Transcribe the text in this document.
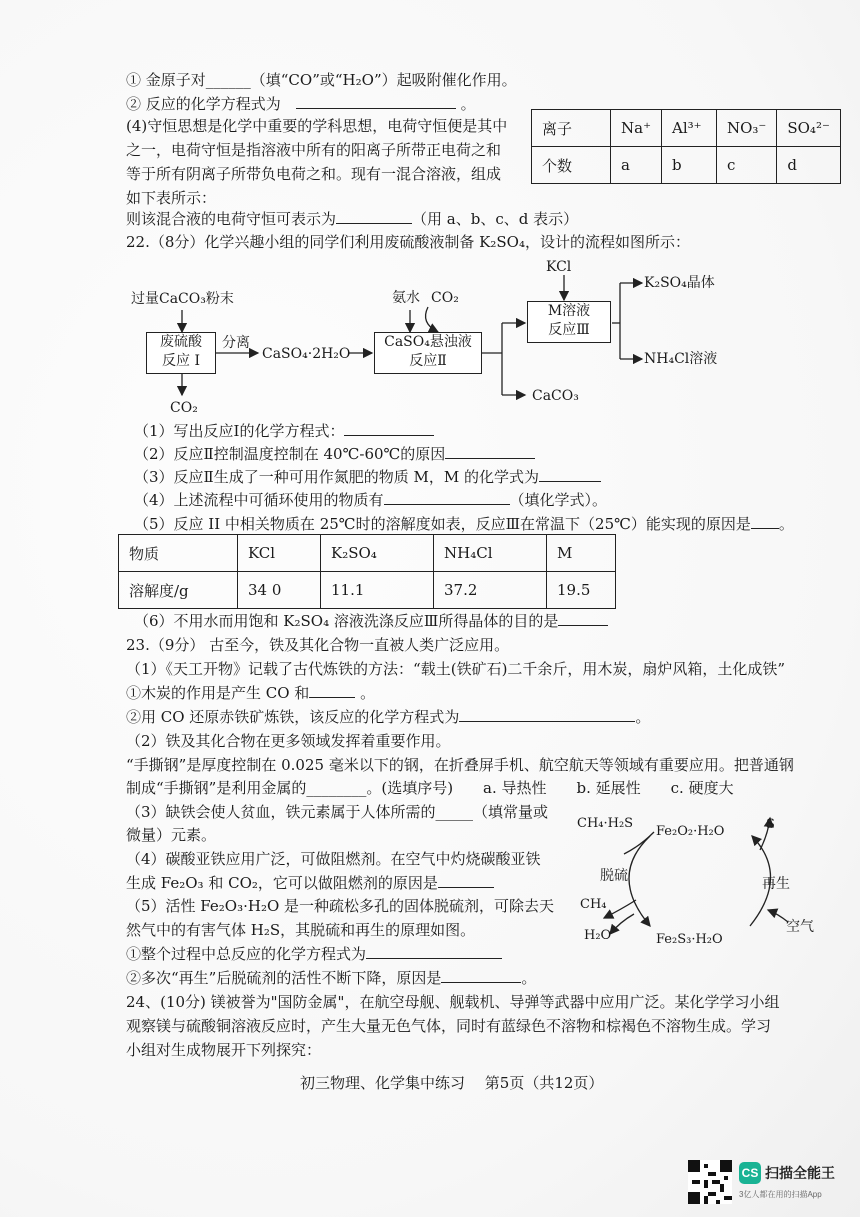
① 金原子对______（填“CO”或“H₂O”）起吸附催化作用。
② 反应的化学方程式为　	。
(4)守恒思想是化学中重要的学科思想，电荷守恒便是其中
之一，电荷守恒是指溶液中所有的阳离子所带正电荷之和
等于所有阴离子所带负电荷之和。现有一混合溶液，组成
如下表所示：
则该混合液的电荷守恒可表示为	（用 a、b、c、d 表示）
离子	Na⁺	Al³⁺	NO₃⁻	SO₄²⁻
个数	a	b	c	d
22.（8分）化学兴趣小组的同学们利用废硫酸液制备 K₂SO₄，设计的流程如图所示：
过量CaCO₃粉末
废硫酸
反应 I
分离
CaSO₄·2H₂O
CO₂
氨水 CO₂
CaSO₄悬浊液
反应Ⅱ
CaCO₃
KCl
M溶液
反应Ⅲ
K₂SO₄晶体
NH₄Cl溶液
（1）写出反应Ⅰ的化学方程式：
（2）反应Ⅱ控制温度控制在 40℃-60℃的原因
（3）反应Ⅱ生成了一种可用作氮肥的物质 M，M 的化学式为
（4）上述流程中可循环使用的物质有	（填化学式）。
（5）反应 II 中相关物质在 25℃时的溶解度如表，反应Ⅲ在常温下（25℃）能实现的原因是 。
物质	KCl	K₂SO₄	NH₄Cl	M
溶解度/g	34 0	11.1	37.2	19.5
（6）不用水而用饱和 K₂SO₄ 溶液洗涤反应Ⅲ所得晶体的目的是
23.（9分） 古至今，铁及其化合物一直被人类广泛应用。
（1）《天工开物》记载了古代炼铁的方法：“载土(铁矿石)二千余斤，用木炭，扇炉风箱，土化成铁”
①木炭的作用是产生 CO 和	。
②用 CO 还原赤铁矿炼铁，该反应的化学方程式为	。
（2）铁及其化合物在更多领域发挥着重要作用。
“手撕钢”是厚度控制在 0.025 毫米以下的钢，在折叠屏手机、航空航天等领域有重要应用。把普通钢
制成“手撕钢”是利用金属的________。(选填序号)　　a. 导热性　　b. 延展性　　c. 硬度大
（3）缺铁会使人贫血，铁元素属于人体所需的_____（填常量或
微量）元素。
（4）碳酸亚铁应用广泛，可做阻燃剂。在空气中灼烧碳酸亚铁
生成 Fe₂O₃ 和 CO₂，它可以做阻燃剂的原因是
（5）活性 Fe₂O₃·H₂O 是一种疏松多孔的固体脱硫剂，可除去天
然气中的有害气体 H₂S，其脱硫和再生的原理如图。
①整个过程中总反应的化学方程式为
②多次“再生”后脱硫剂的活性不断下降，原因是	。
CH₄·H₂S
Fe₂O₂·H₂O	S
脱硫	再生
CH₄
空气
H₂O	Fe₂S₃·H₂O
24、(10分) 镁被誉为"国防金属"，在航空母舰、舰载机、导弹等武器中应用广泛。某化学学习小组
观察镁与硫酸铜溶液反应时，产生大量无色气体，同时有蓝绿色不溶物和棕褐色不溶物生成。学习
小组对生成物展开下列探究：
初三物理、化学集中练习　 第5页（共12页）
CS 扫描全能王
3亿人都在用的扫描App
